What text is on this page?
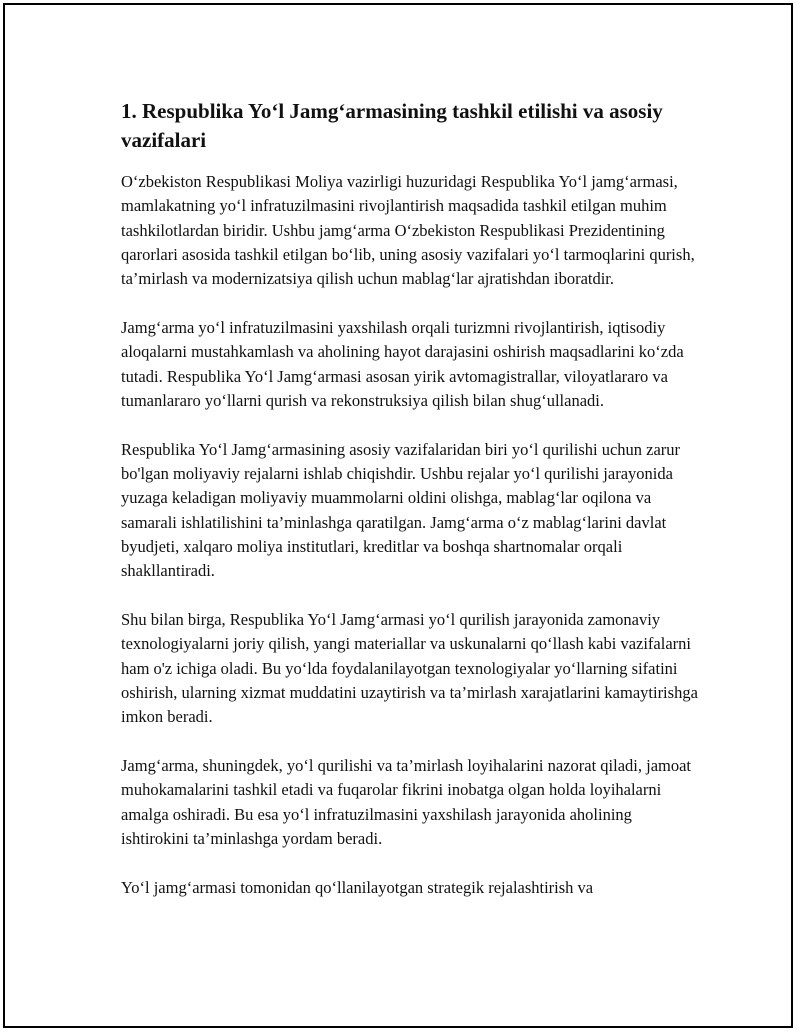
1. Respublika Yo‘l Jamg‘armasining tashkil etilishi va asosiy vazifalari

O‘zbekiston Respublikasi Moliya vazirligi huzuridagi Respublika Yo‘l jamg‘armasi, mamlakatning yo‘l infratuzilmasini rivojlantirish maqsadida tashkil etilgan muhim tashkilotlardan biridir. Ushbu jamg‘arma O‘zbekiston Respublikasi Prezidentining qarorlari asosida tashkil etilgan bo‘lib, uning asosiy vazifalari yo‘l tarmoqlarini qurish, ta’mirlash va modernizatsiya qilish uchun mablag‘lar ajratishdan iboratdir.

Jamg‘arma yo‘l infratuzilmasini yaxshilash orqali turizmni rivojlantirish, iqtisodiy aloqalarni mustahkamlash va aholining hayot darajasini oshirish maqsadlarini ko‘zda tutadi. Respublika Yo‘l Jamg‘armasi asosan yirik avtomagistrallar, viloyatlararo va tumanlararo yo‘llarni qurish va rekonstruksiya qilish bilan shug‘ullanadi.

Respublika Yo‘l Jamg‘armasining asosiy vazifalaridan biri yo‘l qurilishi uchun zarur bo'lgan moliyaviy rejalarni ishlab chiqishdir. Ushbu rejalar yo‘l qurilishi jarayonida yuzaga keladigan moliyaviy muammolarni oldini olishga, mablag‘lar oqilona va samarali ishlatilishini ta’minlashga qaratilgan. Jamg‘arma o‘z mablag‘larini davlat byudjeti, xalqaro moliya institutlari, kreditlar va boshqa shartnomalar orqali shakllantiradi.

Shu bilan birga, Respublika Yo‘l Jamg‘armasi yo‘l qurilish jarayonida zamonaviy texnologiyalarni joriy qilish, yangi materiallar va uskunalarni qo‘llash kabi vazifalarni ham o'z ichiga oladi. Bu yo‘lda foydalanilayotgan texnologiyalar yo‘llarning sifatini oshirish, ularning xizmat muddatini uzaytirish va ta’mirlash xarajatlarini kamaytirishga imkon beradi.

Jamg‘arma, shuningdek, yo‘l qurilishi va ta’mirlash loyihalarini nazorat qiladi, jamoat muhokamalarini tashkil etadi va fuqarolar fikrini inobatga olgan holda loyihalarni amalga oshiradi. Bu esa yo‘l infratuzilmasini yaxshilash jarayonida aholining ishtirokini ta’minlashga yordam beradi.

Yo‘l jamg‘armasi tomonidan qo‘llanilayotgan strategik rejalashtirish va
